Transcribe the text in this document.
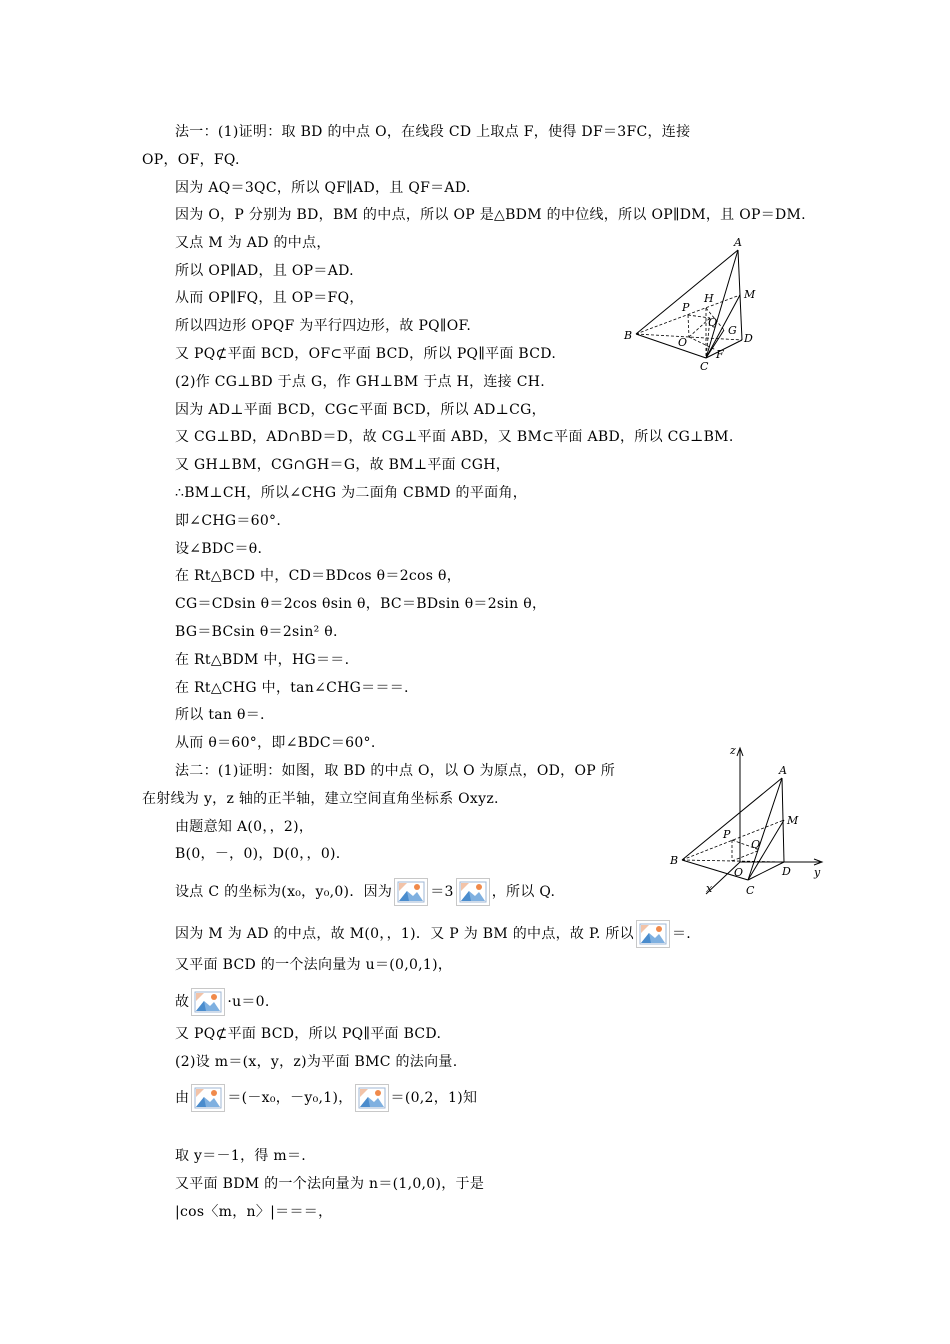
法一：(1)证明：取 BD 的中点 O，在线段 CD 上取点 F，使得 DF＝3FC，连接
OP，OF，FQ.
因为 AQ＝3QC，所以 QF∥AD，且 QF＝AD.
因为 O，P 分别为 BD，BM 的中点，所以 OP 是△BDM 的中位线，所以 OP∥DM，且 OP＝DM.
又点 M 为 AD 的中点，
所以 OP∥AD，且 OP＝AD.
从而 OP∥FQ，且 OP＝FQ，
所以四边形 OPQF 为平行四边形，故 PQ∥OF.
又 PQ⊄平面 BCD，OF⊂平面 BCD，所以 PQ∥平面 BCD.
(2)作 CG⊥BD 于点 G，作 GH⊥BM 于点 H，连接 CH.
因为 AD⊥平面 BCD，CG⊂平面 BCD，所以 AD⊥CG，
又 CG⊥BD，AD∩BD＝D，故 CG⊥平面 ABD，又 BM⊂平面 ABD，所以 CG⊥BM.
又 GH⊥BM，CG∩GH＝G，故 BM⊥平面 CGH，
∴BM⊥CH，所以∠CHG 为二面角 CBMD 的平面角，
即∠CHG＝60°.
设∠BDC＝θ.
在 Rt△BCD 中，CD＝BDcos θ＝2cos θ，
CG＝CDsin θ＝2cos θsin θ，BC＝BDsin θ＝2sin θ，
BG＝BCsin θ＝2sin² θ.
在 Rt△BDM 中，HG＝＝.
在 Rt△CHG 中，tan∠CHG＝＝＝.
所以 tan θ＝.
从而 θ＝60°，即∠BDC＝60°.
法二：(1)证明：如图，取 BD 的中点 O，以 O 为原点，OD，OP 所
在射线为 y，z 轴的正半轴，建立空间直角坐标系 Oxyz.
由题意知 A(0，，2)，
B(0，－，0)，D(0，，0).
设点 C 的坐标为(x₀，y₀,0)．因为	＝3	，所以 Q.
因为 M 为 AD 的中点，故 M(0，，1)．又 P 为 BM 的中点，故 P. 所以	＝.
又平面 BCD 的一个法向量为 u＝(0,0,1)，
故	·u＝0.
又 PQ⊄平面 BCD，所以 PQ∥平面 BCD.
(2)设 m＝(x，y，z)为平面 BMC 的法向量.
由	＝(－x₀，－y₀,1)，	＝(0,2，1)知
取 y＝－1，得 m＝.
又平面 BDM 的一个法向量为 n＝(1,0,0)，于是
|cos〈m，n〉|＝＝＝，
A
M
H
P
Q
G
B
O	D
F
C
z
A
M
P
Q
B
O	D y
x	C
